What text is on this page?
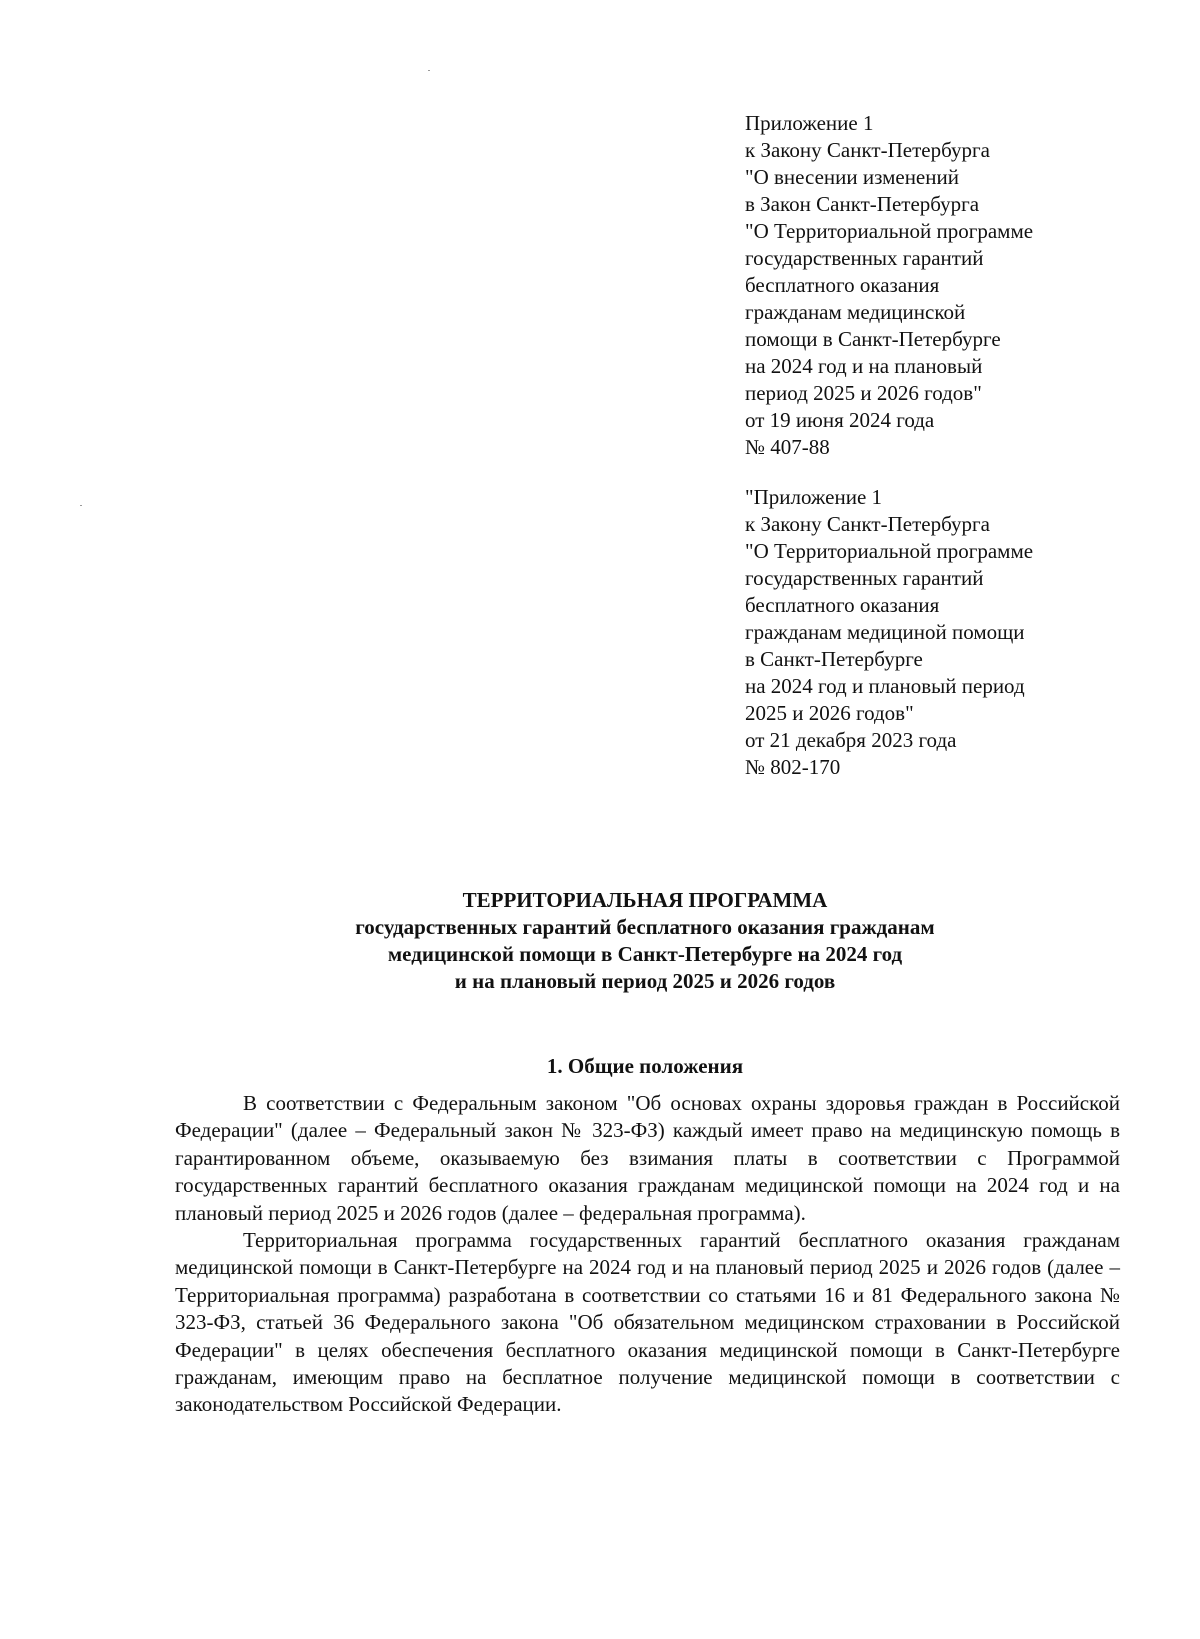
Приложение 1
к Закону Санкт-Петербурга
"О внесении изменений
в Закон Санкт-Петербурга
"О Территориальной программе
государственных гарантий
бесплатного оказания
гражданам медицинской
помощи в Санкт-Петербурге
на 2024 год и на плановый
период 2025 и 2026 годов"
от 19 июня 2024 года
№ 407-88
"Приложение 1
к Закону Санкт-Петербурга
"О Территориальной программе
государственных гарантий
бесплатного оказания
гражданам медициной помощи
в Санкт-Петербурге
на 2024 год и плановый период
2025 и 2026 годов"
от 21 декабря 2023 года
№ 802-170
ТЕРРИТОРИАЛЬНАЯ ПРОГРАММА
государственных гарантий бесплатного оказания гражданам
медицинской помощи в Санкт-Петербурге на 2024 год
и на плановый период 2025 и 2026 годов
1. Общие положения

В соответствии с Федеральным законом "Об основах охраны здоровья граждан в Российской Федерации" (далее – Федеральный закон № 323-ФЗ) каждый имеет право на медицинскую помощь в гарантированном объеме, оказываемую без взимания платы в соответствии с Программой государственных гарантий бесплатного оказания гражданам медицинской помощи на 2024 год и на плановый период 2025 и 2026 годов (далее – федеральная программа).

Территориальная программа государственных гарантий бесплатного оказания гражданам медицинской помощи в Санкт-Петербурге на 2024 год и на плановый период 2025 и 2026 годов (далее – Территориальная программа) разработана в соответствии со статьями 16 и 81 Федерального закона № 323-ФЗ, статьей 36 Федерального закона "Об обязательном медицинском страховании в Российской Федерации" в целях обеспечения бесплатного оказания медицинской помощи в Санкт-Петербурге гражданам, имеющим право на бесплатное получение медицинской помощи в соответствии с законодательством Российской Федерации.
